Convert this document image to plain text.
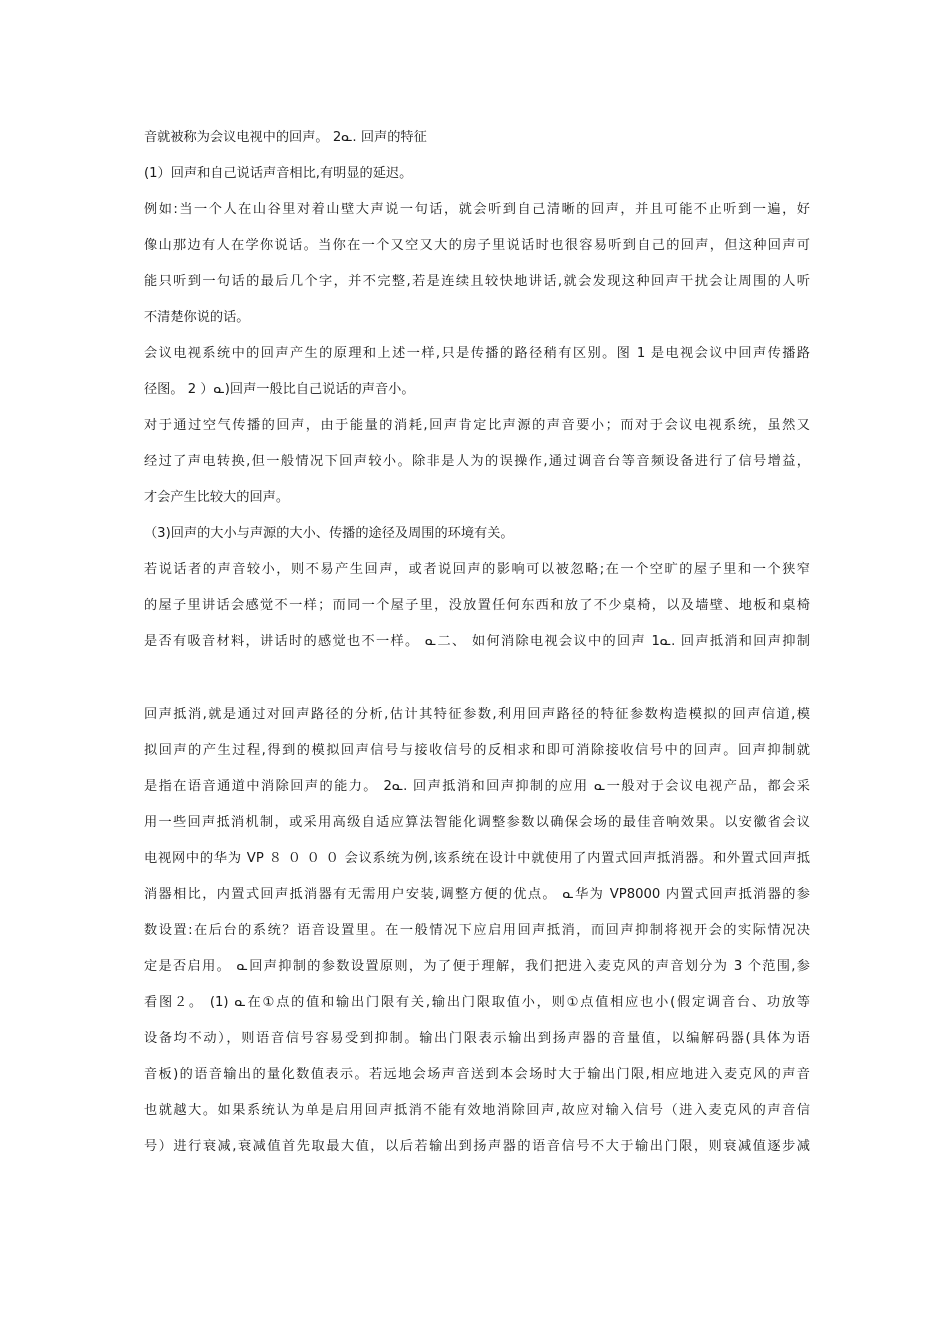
音就被称为会议电视中的回声。 2ᓇ. 回声的特征
(1）回声和自己说话声音相比,有明显的延迟。
例如:当一个人在山谷里对着山壁大声说一句话，就会听到自己清晰的回声，并且可能不止听到一遍，好
像山那边有人在学你说话。当你在一个又空又大的房子里说话时也很容易听到自己的回声，但这种回声可
能只听到一句话的最后几个字，并不完整,若是连续且较快地讲话,就会发现这种回声干扰会让周围的人听
不清楚你说的话。
会议电视系统中的回声产生的原理和上述一样,只是传播的路径稍有区别。图 1 是电视会议中回声传播路
径图。 2 ）ᓇ)回声一般比自己说话的声音小。
对于通过空气传播的回声，由于能量的消耗,回声肯定比声源的声音要小；而对于会议电视系统，虽然又
经过了声电转换,但一般情况下回声较小。除非是人为的误操作,通过调音台等音频设备进行了信号增益，
才会产生比较大的回声。
（3)回声的大小与声源的大小、传播的途径及周围的环境有关。
若说话者的声音较小，则不易产生回声，或者说回声的影响可以被忽略;在一个空旷的屋子里和一个狭窄
的屋子里讲话会感觉不一样；而同一个屋子里，没放置任何东西和放了不少桌椅，以及墙壁、地板和桌椅
是否有吸音材料，讲话时的感觉也不一样。 ᓇ二、 如何消除电视会议中的回声 1ᓇ. 回声抵消和回声抑制
回声抵消,就是通过对回声路径的分析,估计其特征参数,利用回声路径的特征参数构造模拟的回声信道,模
拟回声的产生过程,得到的模拟回声信号与接收信号的反相求和即可消除接收信号中的回声。回声抑制就
是指在语音通道中消除回声的能力。 2ᓇ. 回声抵消和回声抑制的应用 ᓇ一般对于会议电视产品，都会采
用一些回声抵消机制，或采用高级自适应算法智能化调整参数以确保会场的最佳音响效果。以安徽省会议
电视网中的华为 VP ８ ０ ０ ０ 会议系统为例,该系统在设计中就使用了内置式回声抵消器。和外置式回声抵
消器相比，内置式回声抵消器有无需用户安装,调整方便的优点。 ᓇ华为 VP8000 内置式回声抵消器的参
数设置:在后台的系统？语音设置里。在一般情况下应启用回声抵消，而回声抑制将视开会的实际情况决
定是否启用。 ᓇ回声抑制的参数设置原则，为了便于理解，我们把进入麦克风的声音划分为 3 个范围,参
看图２。 (1) ᓇ在①点的值和输出门限有关,输出门限取值小，则①点值相应也小(假定调音台、功放等
设备均不动），则语音信号容易受到抑制。输出门限表示输出到扬声器的音量值，以编解码器(具体为语
音板)的语音输出的量化数值表示。若远地会场声音送到本会场时大于输出门限,相应地进入麦克风的声音
也就越大。如果系统认为单是启用回声抵消不能有效地消除回声,故应对输入信号（进入麦克风的声音信
号）进行衰减,衰减值首先取最大值，以后若输出到扬声器的语音信号不大于输出门限，则衰减值逐步减
